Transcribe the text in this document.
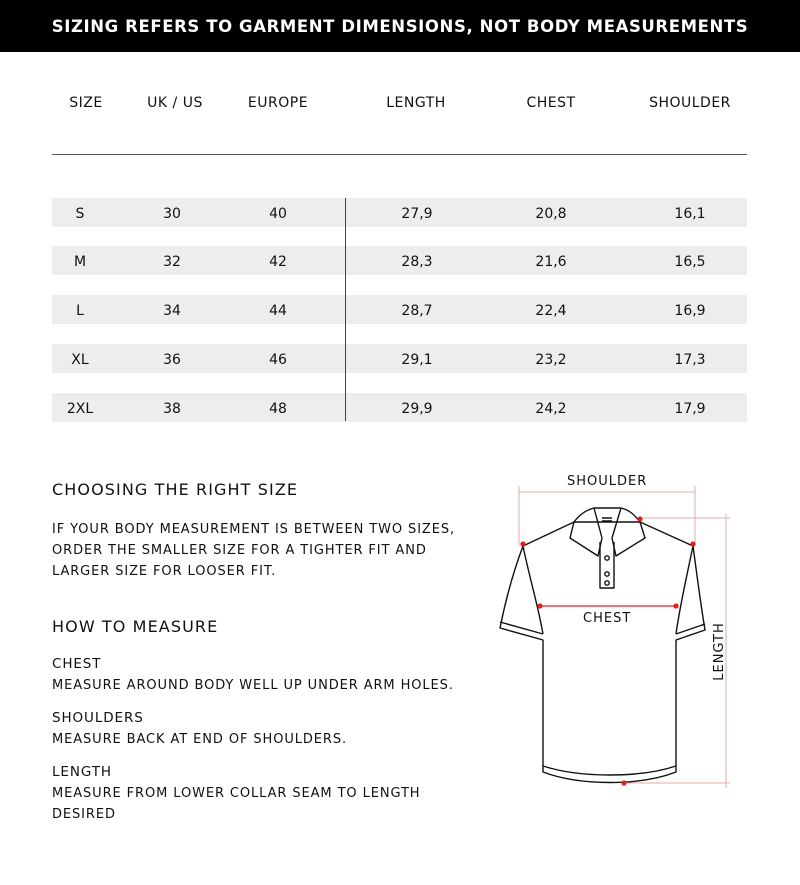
SIZING REFERS TO GARMENT DIMENSIONS, NOT BODY MEASUREMENTS
SIZE	UK / US	EUROPE	LENGTH	CHEST	SHOULDER
S	30	40	27,9	20,8	16,1
M	32	42	28,3	21,6	16,5
L	34	44	28,7	22,4	16,9
XL	36	46	29,1	23,2	17,3
2XL	38	48	29,9	24,2	17,9
CHOOSING THE RIGHT SIZE
IF YOUR BODY MEASUREMENT IS BETWEEN TWO SIZES,
ORDER THE SMALLER SIZE FOR A TIGHTER FIT AND
LARGER SIZE FOR LOOSER FIT.
HOW TO MEASURE
CHEST
MEASURE AROUND BODY WELL UP UNDER ARM HOLES.
SHOULDERS
MEASURE BACK AT END OF SHOULDERS.
LENGTH
MEASURE FROM LOWER COLLAR SEAM TO LENGTH
DESIRED
SHOULDER
CHEST
LENGTH
